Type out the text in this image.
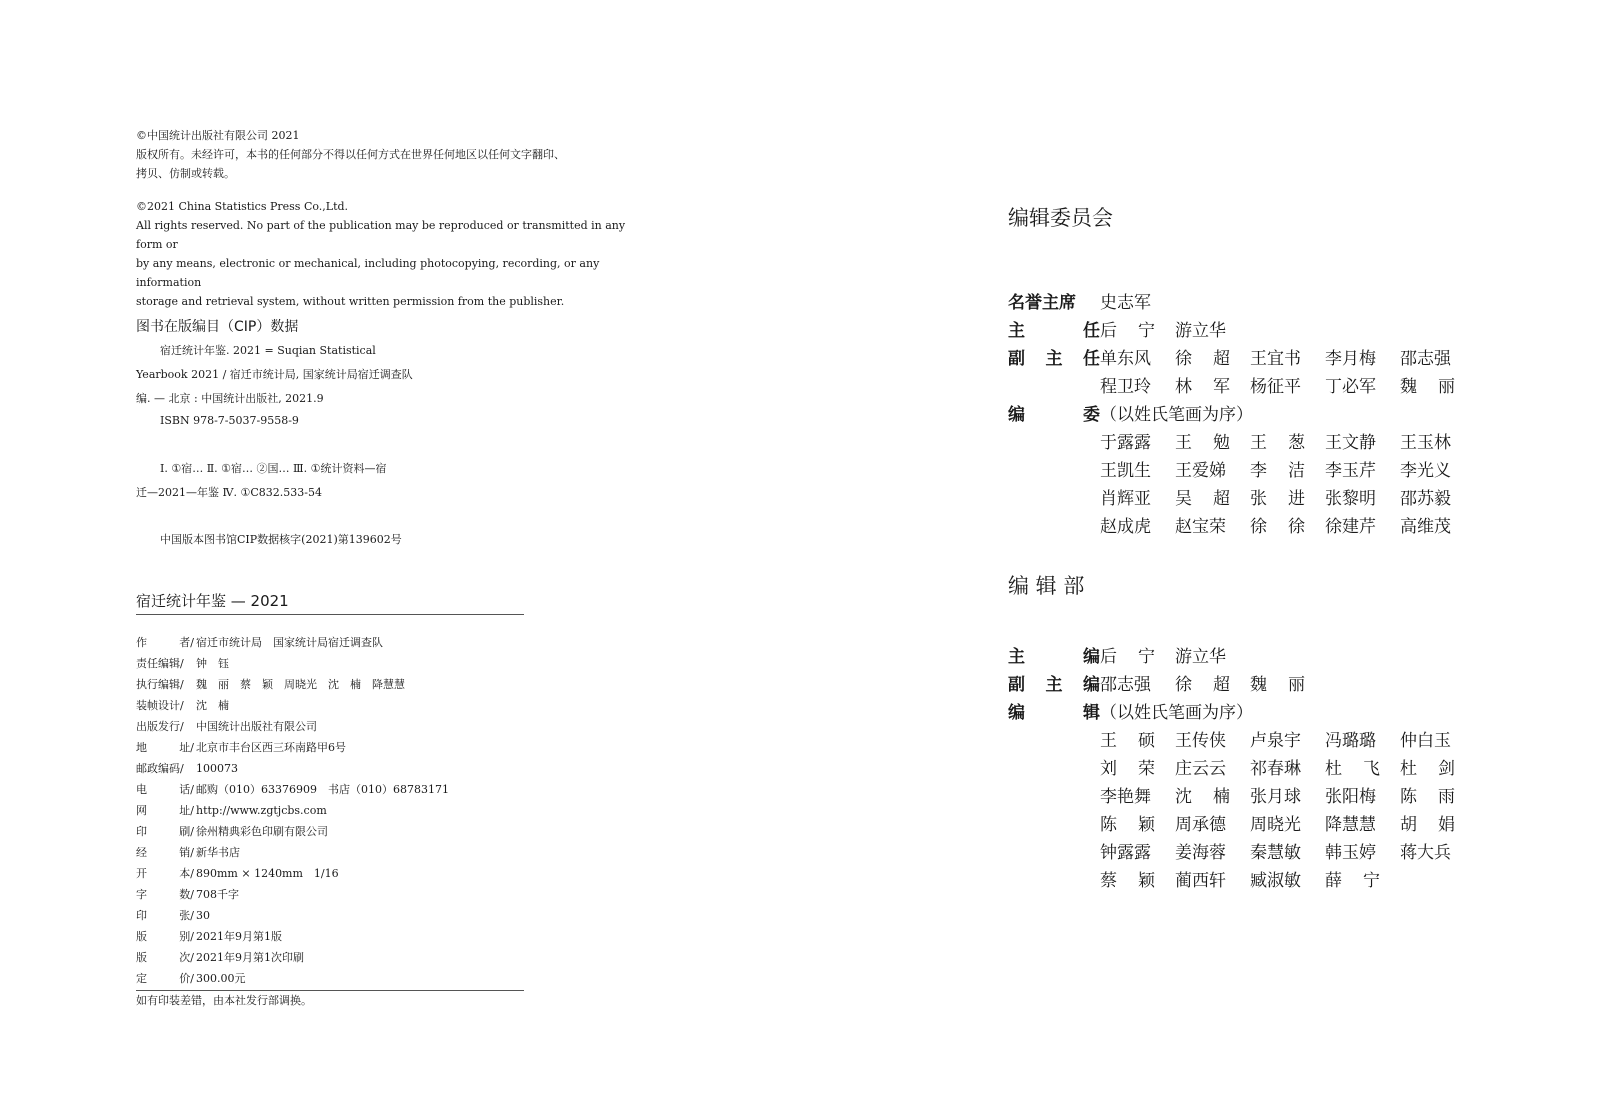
©中国统计出版社有限公司 2021

版权所有。未经许可，本书的任何部分不得以任何方式在世界任何地区以任何文字翻印、

拷贝、仿制或转载。

©2021 China Statistics Press Co.,Ltd.

All rights reserved. No part of the publication may be reproduced or transmitted in any form or

by any means, electronic or mechanical, including photocopying, recording, or any information

storage and retrieval system, without written permission from the publisher.

图书在版编目（CIP）数据
宿迁统计年鉴. 2021 = Suqian Statistical
Yearbook 2021 / 宿迁市统计局, 国家统计局宿迁调查队
编. — 北京 : 中国统计出版社, 2021.9
ISBN 978-7-5037-9558-9
Ⅰ. ①宿… Ⅱ. ①宿… ②国… Ⅲ. ①统计资料—宿
迁—2021—年鉴 Ⅳ. ①C832.533-54
中国版本图书馆CIP数据核字(2021)第139602号
宿迁统计年鉴 — 2021
作	者/ 宿迁市统计局　国家统计局宿迁调查队
责任编辑/ 钟　钰
执行编辑/ 魏　丽　蔡　颖　周晓光　沈　楠　降慧慧
装帧设计/ 沈　楠
出版发行/ 中国统计出版社有限公司
地	址/ 北京市丰台区西三环南路甲6号
邮政编码/ 100073
电	话/ 邮购（010）63376909　书店（010）68783171
网	址/ http://www.zgtjcbs.com
印	刷/ 徐州精典彩色印刷有限公司
经	销/ 新华书店
开	本/ 890mm × 1240mm　1/16
字	数/ 708千字
印	张/ 30
版	别/ 2021年9月第1版
版	次/ 2021年9月第1次印刷
定	价/ 300.00元
如有印装差错，由本社发行部调换。
编辑委员会
名誉主席 史志军
主	任 后 宁 游立华
副 主 任 单东风 徐 超 王宜书 李月梅 邵志强
程卫玲 林 军 杨征平 丁必军 魏 丽
编	委 （以姓氏笔画为序）
于露露 王 勉 王 葱 王文静 王玉林
王凯生 王爱娣 李 洁 李玉芹 李光义
肖辉亚 吴 超 张 进 张黎明 邵苏毅
赵成虎 赵宝荣 徐 徐 徐建芹 高维茂
编 辑 部
主	编 后 宁 游立华
副 主 编 邵志强 徐 超 魏 丽
编	辑 （以姓氏笔画为序）
王 硕 王传侠 卢泉宇 冯璐璐 仲白玉
刘 荣 庄云云 祁春琳 杜 飞 杜 剑
李艳舞 沈 楠 张月球 张阳梅 陈 雨
陈 颖 周承德 周晓光 降慧慧 胡 娟
钟露露 姜海蓉 秦慧敏 韩玉婷 蒋大兵
蔡 颖 蔺西轩 臧淑敏 薛 宁
